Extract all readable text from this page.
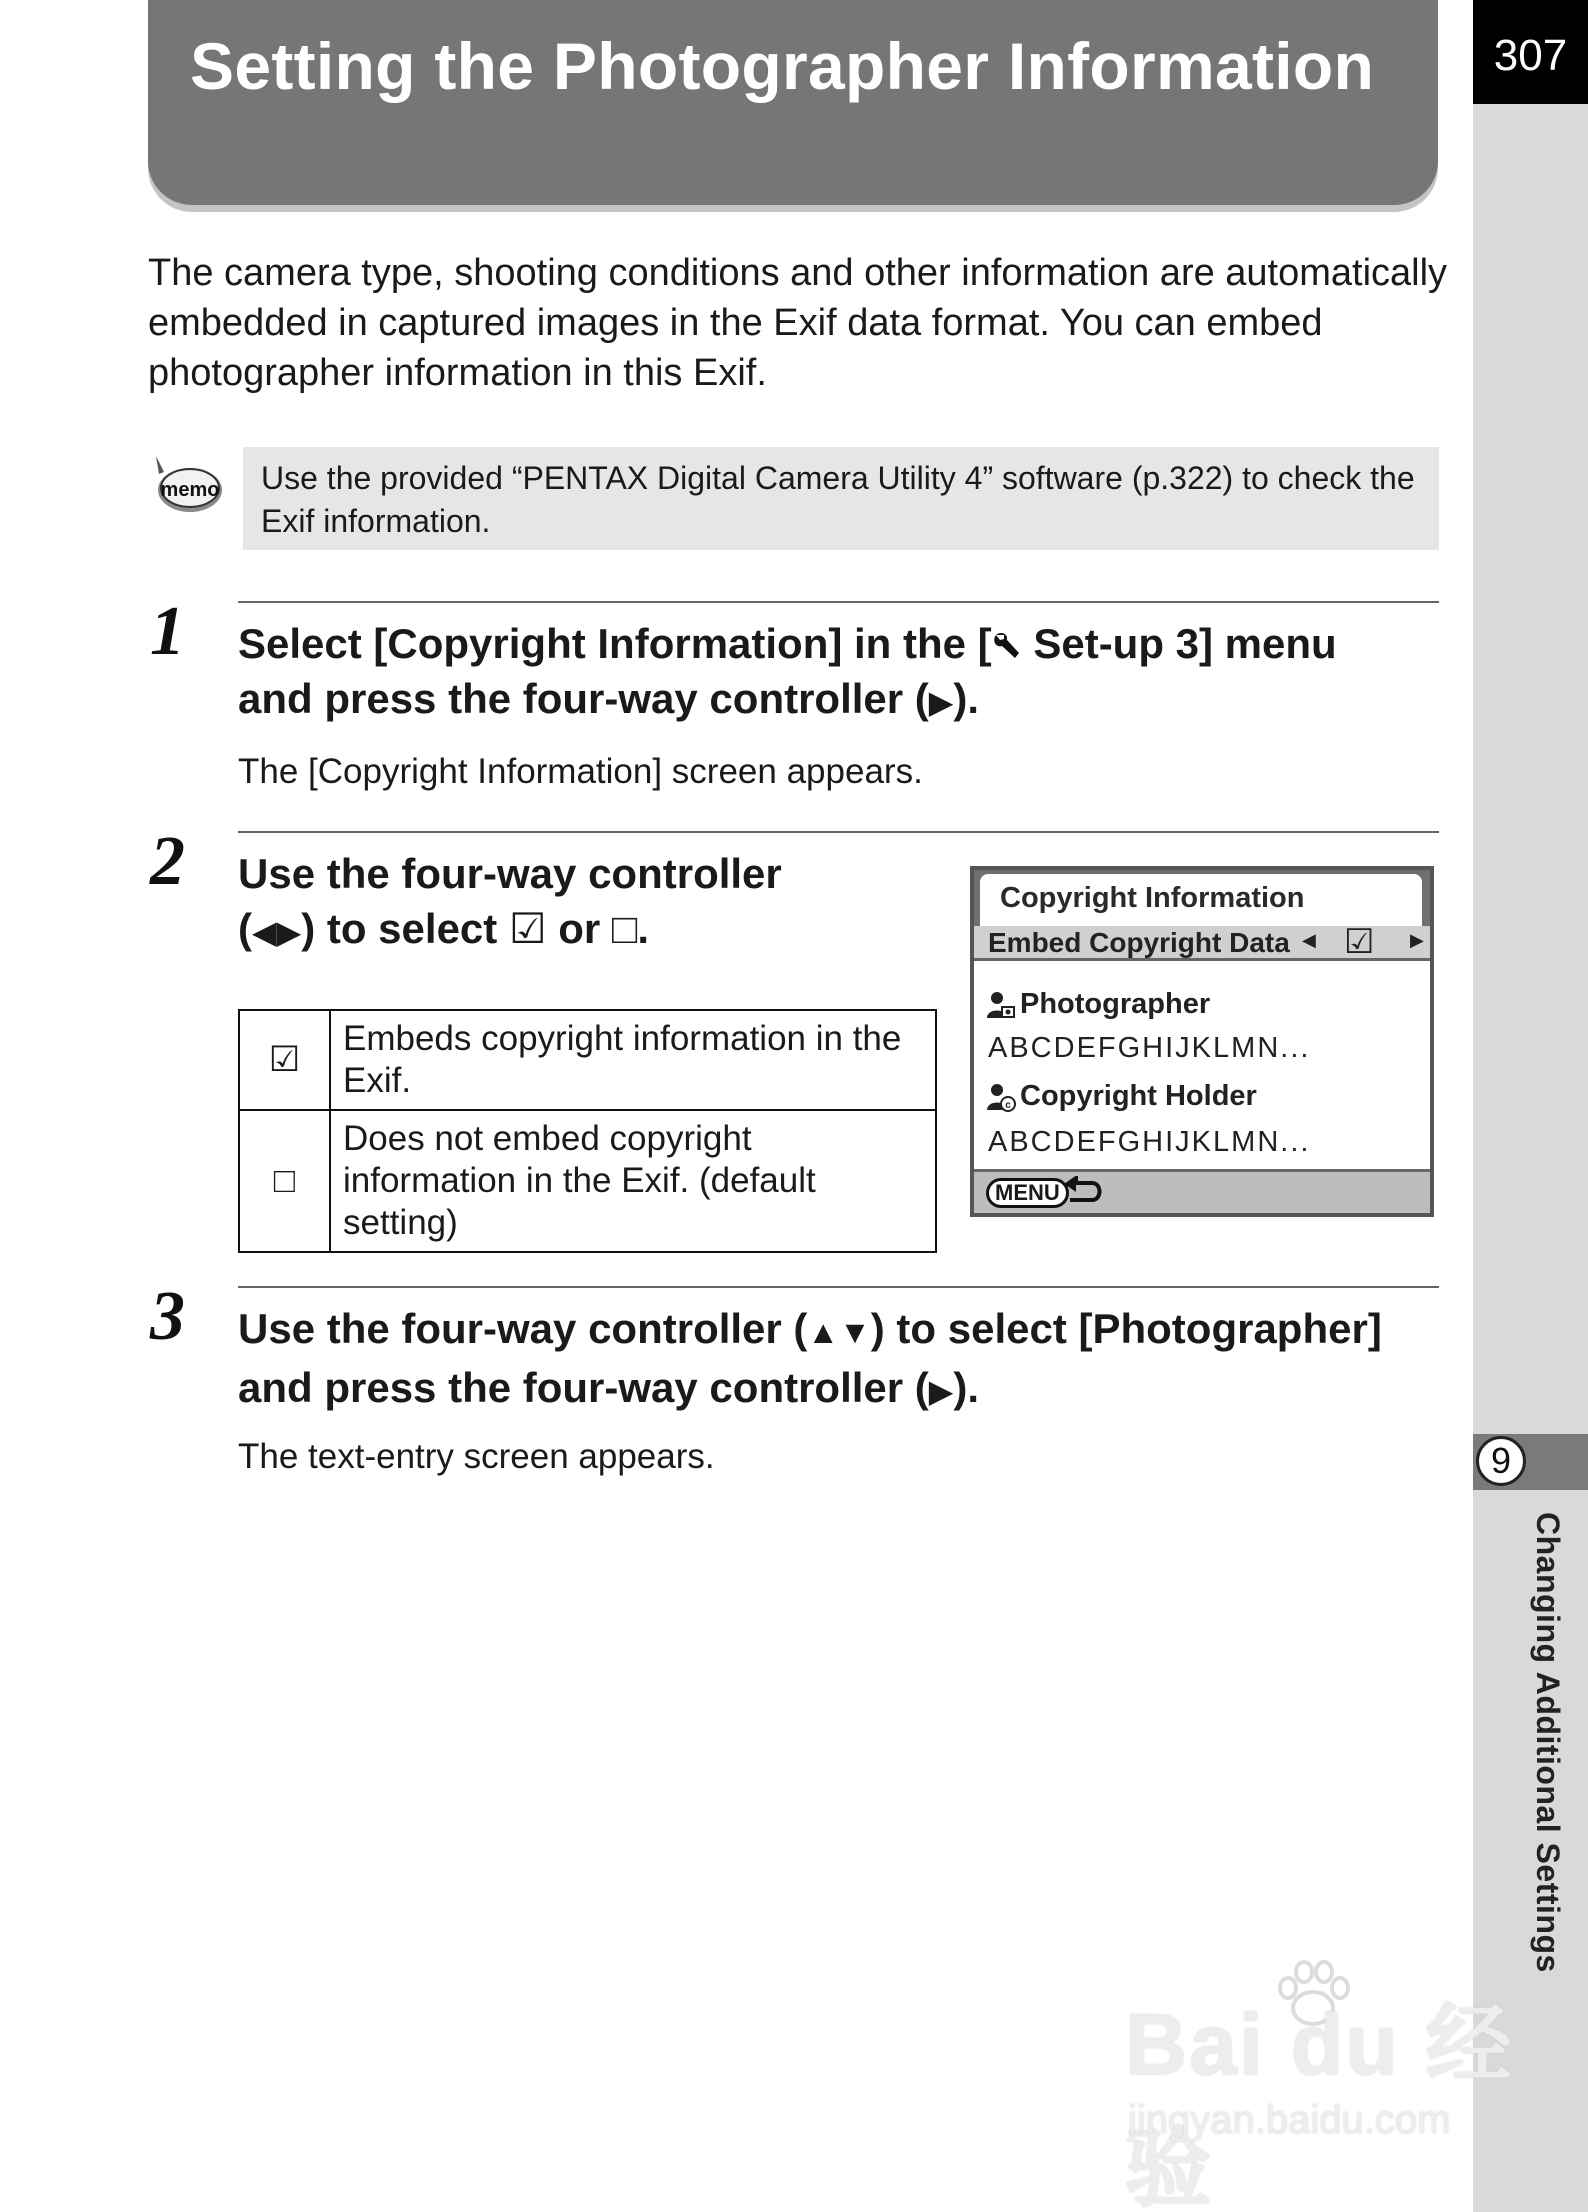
307
9
Changing Additional Settings
Setting the Photographer Information

The camera type, shooting conditions and other information are automatically embedded in captured images in the Exif data format. You can embed photographer information in this Exif.

memo	Use the provided “PENTAX Digital Camera Utility 4” software (p.322) to check the Exif information.
1 Select [Copyright Information] in the [ Set-up 3] menu
and press the four-way controller (▶).
The [Copyright Information] screen appears.
2 Use the four-way controller
(◀▶) to select ☑ or □.
☑	Embeds copyright information in the Exif.
□	Does not embed copyright information in the Exif. (default setting)
Copyright Information
Embed Copyright Data ◀ ☑ ▶
Photographer
ABCDEFGHIJKLMN...
c Copyright Holder
ABCDEFGHIJKLMN...
MENU
3 Use the four-way controller (▲▼) to select [Photographer]
and press the four-way controller (▶).
The text-entry screen appears.
Bai du 经验
jingyan.baidu.com
